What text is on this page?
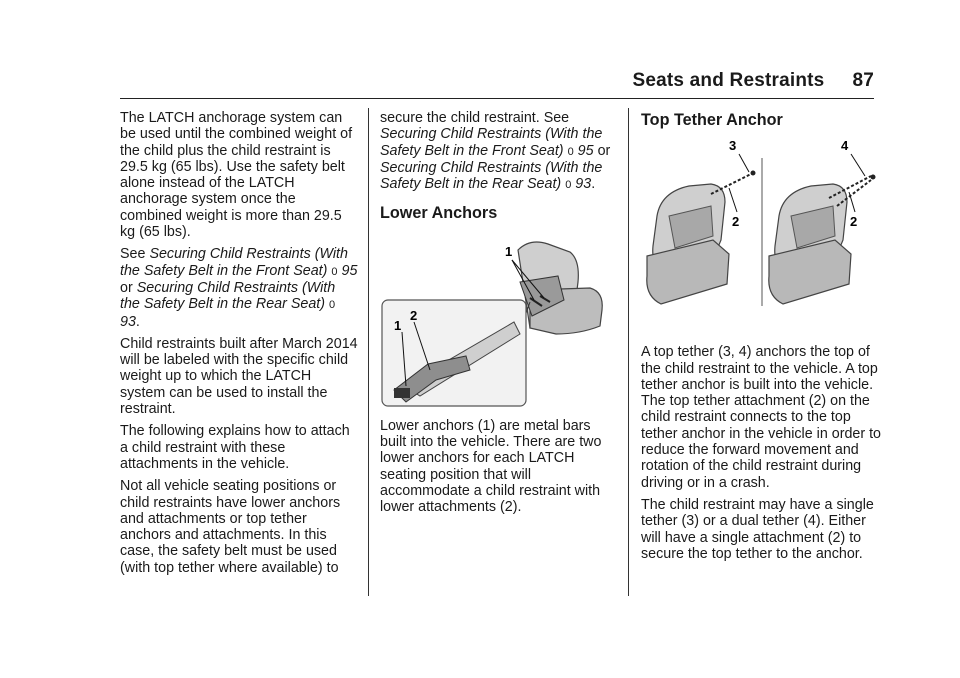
Seats and Restraints 87

The LATCH anchorage system can be used until the combined weight of the child plus the child restraint is 29.5 kg (65 lbs). Use the safety belt alone instead of the LATCH anchorage system once the combined weight is more than 29.5 kg (65 lbs).

See Securing Child Restraints (With the Safety Belt in the Front Seat) 0 95 or Securing Child Restraints (With the Safety Belt in the Rear Seat) 0 93.

Child restraints built after March 2014 will be labeled with the specific child weight up to which the LATCH system can be used to install the restraint.

The following explains how to attach a child restraint with these attachments in the vehicle.

Not all vehicle seating positions or child restraints have lower anchors and attachments or top tether anchors and attachments. In this case, the safety belt must be used (with top tether where available) to

secure the child restraint. See Securing Child Restraints (With the Safety Belt in the Front Seat) 0 95 or Securing Child Restraints (With the Safety Belt in the Rear Seat) 0 93.

Lower Anchors
1
2
1

Lower anchors (1) are metal bars built into the vehicle. There are two lower anchors for each LATCH seating position that will accommodate a child restraint with lower attachments (2).

Top Tether Anchor
3
2
4
2

A top tether (3, 4) anchors the top of the child restraint to the vehicle. A top tether anchor is built into the vehicle. The top tether attachment (2) on the child restraint connects to the top tether anchor in the vehicle in order to reduce the forward movement and rotation of the child restraint during driving or in a crash.

The child restraint may have a single tether (3) or a dual tether (4). Either will have a single attachment (2) to secure the top tether to the anchor.
